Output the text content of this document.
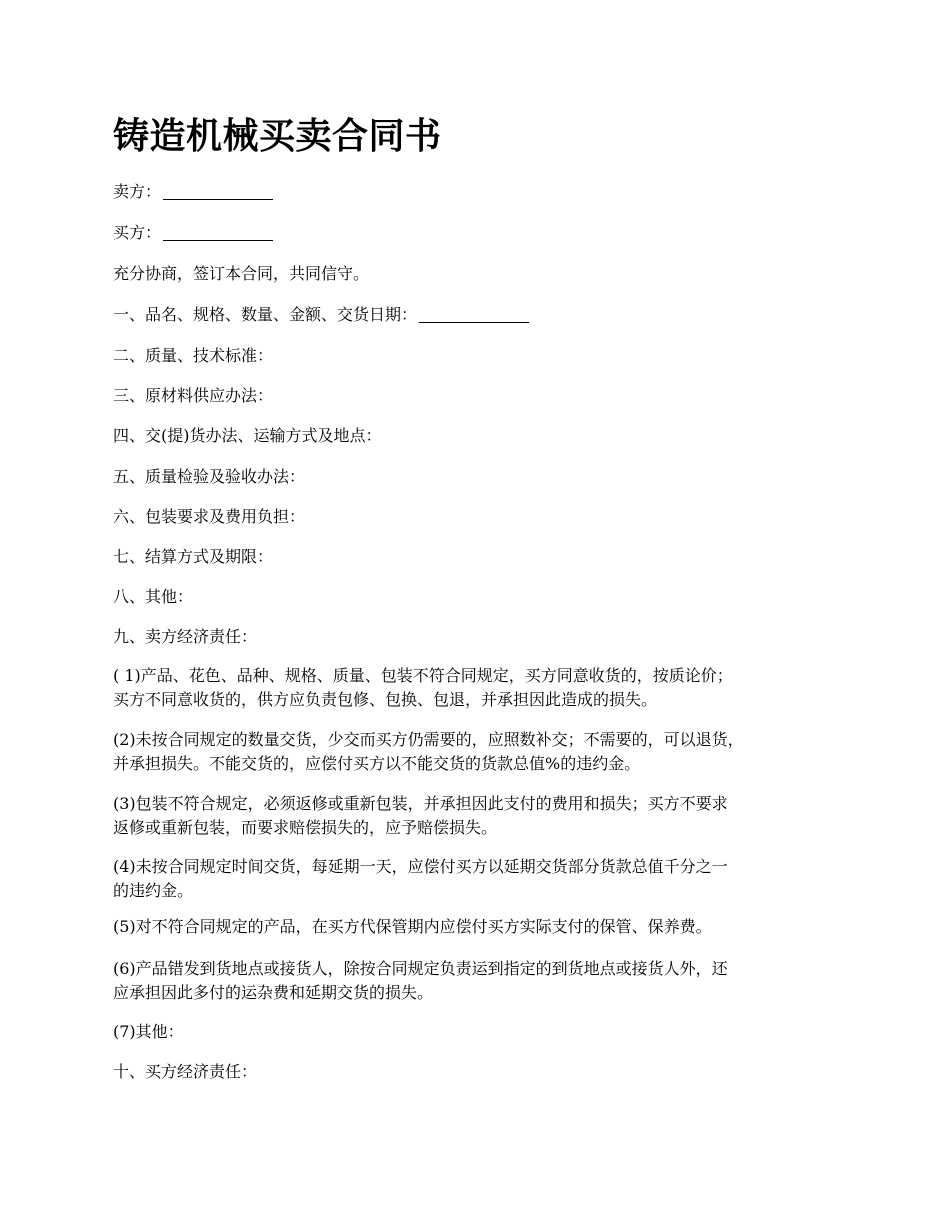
铸造机械买卖合同书

卖方：

买方：

充分协商，签订本合同，共同信守。

一、品名、规格、数量、金额、交货日期：

二、质量、技术标准：

三、原材料供应办法：

四、交(提)货办法、运输方式及地点：

五、质量检验及验收办法：

六、包装要求及费用负担：

七、结算方式及期限：

八、其他：

九、卖方经济责任：

( 1)产品、花色、品种、规格、质量、包装不符合同规定，买方同意收货的，按质论价；
买方不同意收货的，供方应负责包修、包换、包退，并承担因此造成的损失。

(2)未按合同规定的数量交货，少交而买方仍需要的，应照数补交；不需要的，可以退货，
并承担损失。不能交货的，应偿付买方以不能交货的货款总值%的违约金。

(3)包装不符合规定，必须返修或重新包装，并承担因此支付的费用和损失；买方不要求
返修或重新包装，而要求赔偿损失的，应予赔偿损失。

(4)未按合同规定时间交货，每延期一天，应偿付买方以延期交货部分货款总值千分之一
的违约金。

(5)对不符合同规定的产品，在买方代保管期内应偿付买方实际支付的保管、保养费。

(6)产品错发到货地点或接货人，除按合同规定负责运到指定的到货地点或接货人外，还
应承担因此多付的运杂费和延期交货的损失。

(7)其他：

十、买方经济责任：
